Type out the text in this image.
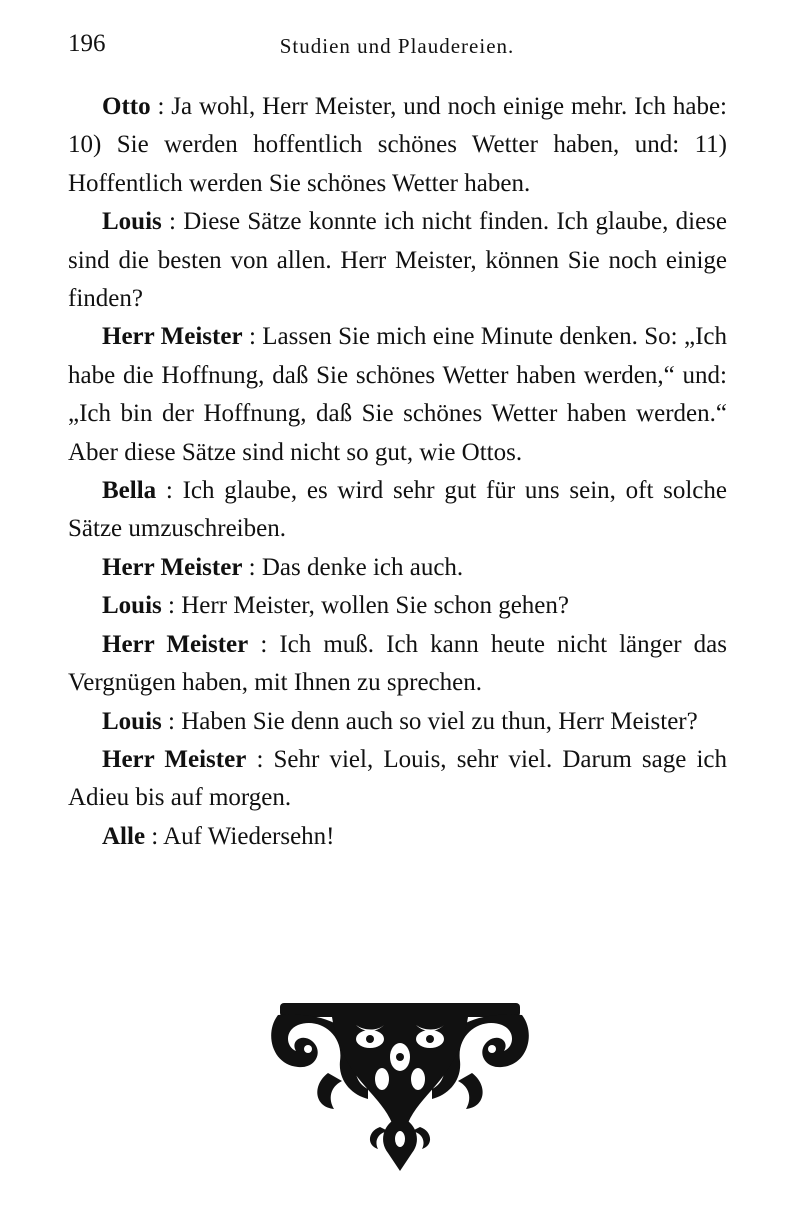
196	Studien und Plaudereien.

Otto : Ja wohl, Herr Meister, und noch einige mehr. Ich habe: 10) Sie werden hoffentlich schönes Wetter haben, und: 11) Hoffentlich werden Sie schönes Wetter haben.

Louis : Diese Sätze konnte ich nicht finden. Ich glaube, diese sind die besten von allen. Herr Meister, können Sie noch einige finden?

Herr Meister : Lassen Sie mich eine Minute denken. So: „Ich habe die Hoffnung, daß Sie schönes Wetter haben werden,“ und: „Ich bin der Hoffnung, daß Sie schönes Wetter haben werden.“ Aber diese Sätze sind nicht so gut, wie Ottos.

Bella : Ich glaube, es wird sehr gut für uns sein, oft solche Sätze umzuschreiben.

Herr Meister : Das denke ich auch.

Louis : Herr Meister, wollen Sie schon gehen?

Herr Meister : Ich muß. Ich kann heute nicht länger das Vergnügen haben, mit Ihnen zu sprechen.

Louis : Haben Sie denn auch so viel zu thun, Herr Meister?

Herr Meister : Sehr viel, Louis, sehr viel. Darum sage ich Adieu bis auf morgen.

Alle : Auf Wiedersehn!
